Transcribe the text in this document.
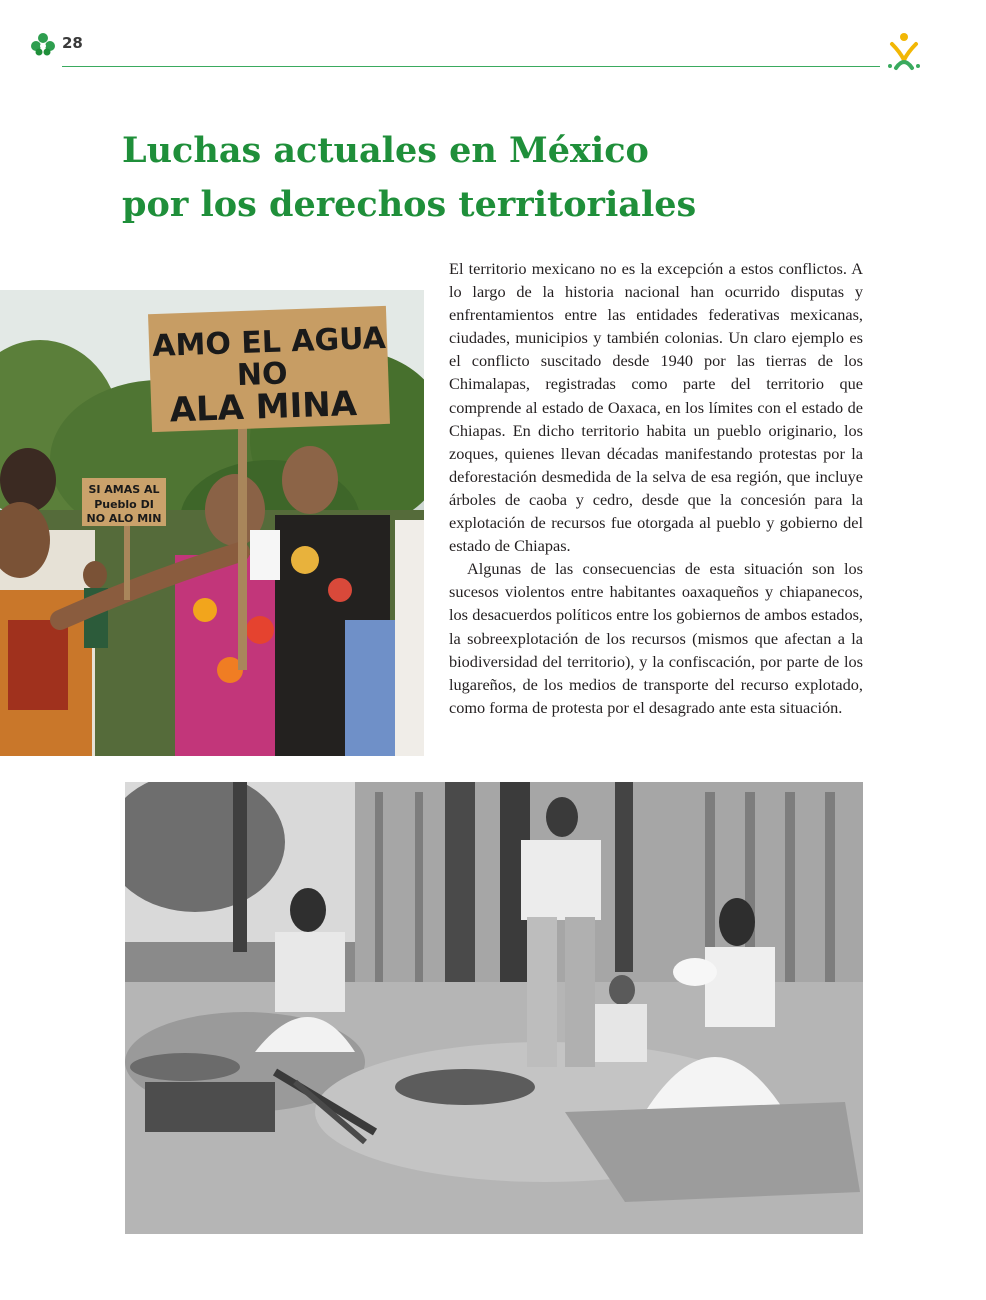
28
Luchas actuales en México
por los derechos territoriales
AMO EL AGUA
NO
ALA MINA
SI AMAS AL
Pueblo DI
NO ALO MIN

El territorio mexicano no es la excepción a estos conflictos. A lo largo de la historia nacional han ocurrido disputas y enfrentamientos entre las entidades federativas mexicanas, ciudades, municipios y también colonias. Un claro ejemplo es el conflicto suscitado desde 1940 por las tierras de los Chimalapas, registradas como parte del territorio que comprende al estado de Oaxaca, en los límites con el estado de Chiapas. En dicho territorio habita un pueblo originario, los zoques, quienes llevan décadas manifestando protestas por la deforestación desmedida de la selva de esa región, que incluye árboles de caoba y cedro, desde que la concesión para la explotación de recursos fue otorgada al pueblo y gobierno del estado de Chiapas.

Algunas de las consecuencias de esta situación son los sucesos violentos entre habitantes oaxaqueños y chiapanecos, los desacuerdos políticos entre los gobiernos de ambos estados, la sobreexplotación de los recursos (mismos que afectan a la biodiversidad del territorio), y la confiscación, por parte de los lugareños, de los medios de transporte del recurso explotado, como forma de protesta por el desagrado ante esta situación.
